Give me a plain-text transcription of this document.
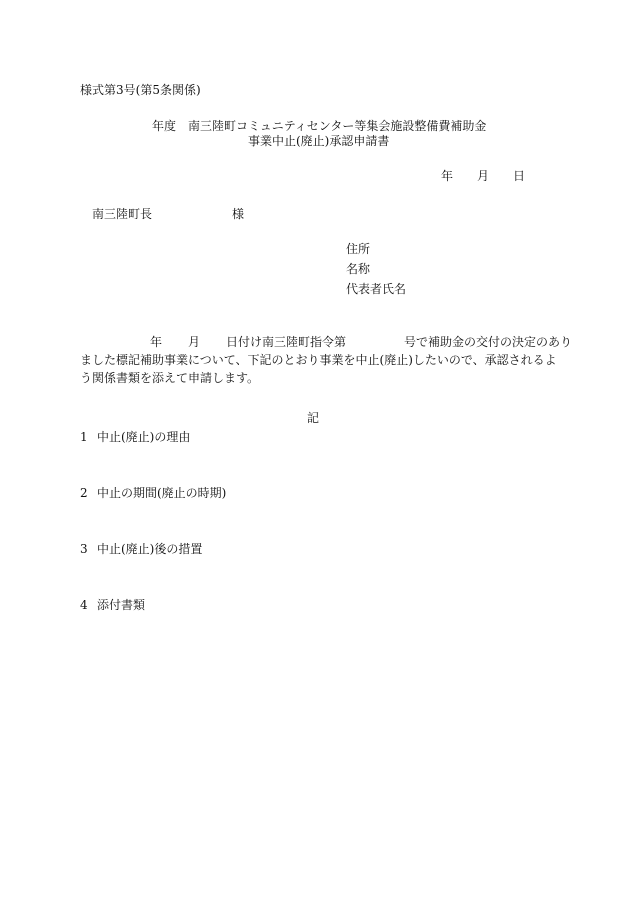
様式第3号(第5条関係)
年度　南三陸町コミュニティセンター等集会施設整備費補助金
事業中止(廃止)承認申請書
年 月 日
南三陸町長	様
住所
名称
代表者氏名
年 月 日付け南三陸町指令第	号で補助金の交付の決定のあり
ました標記補助事業について、下記のとおり事業を中止(廃止)したいので、承認されるよ
う関係書類を添えて申請します。
記
1 中止(廃止)の理由
2 中止の期間(廃止の時期)
3 中止(廃止)後の措置
4 添付書類
